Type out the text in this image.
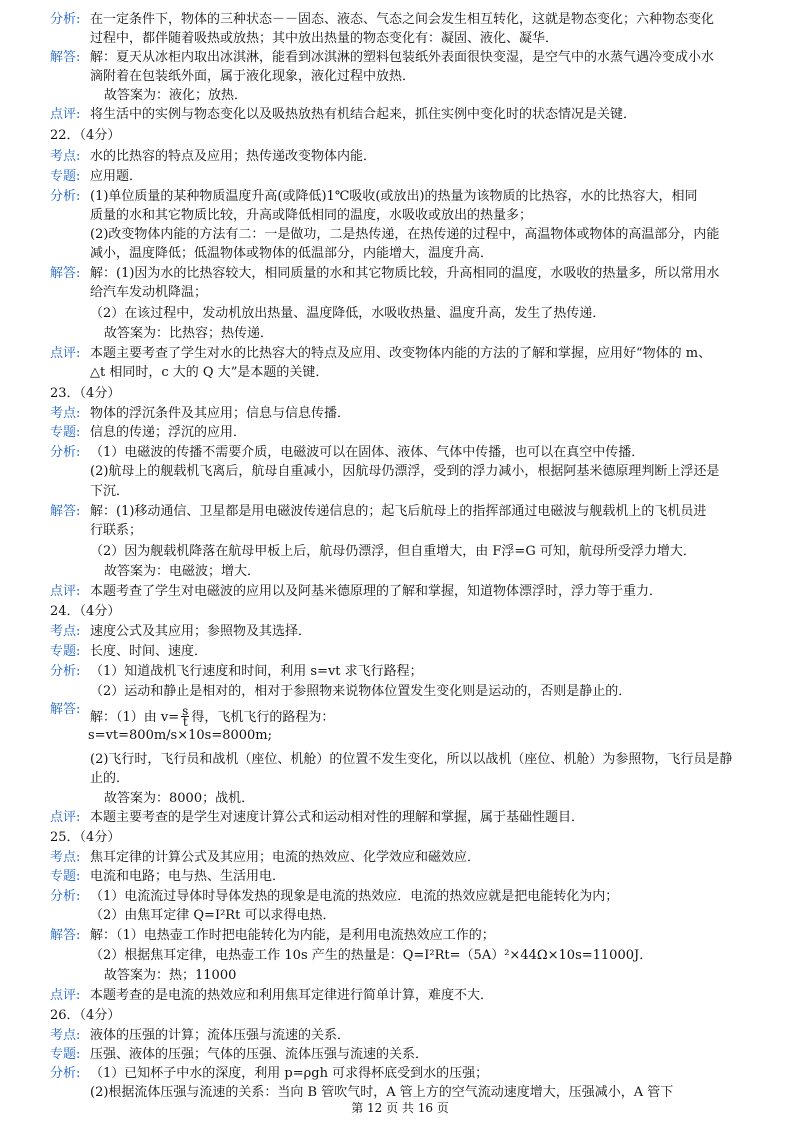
分析: 在一定条件下，物体的三种状态－－固态、液态、气态之间会发生相互转化，这就是物态变化；六种物态变化
过程中，都伴随着吸热或放热；其中放出热量的物态变化有：凝固、液化、凝华．
解答: 解：夏天从冰柜内取出冰淇淋，能看到冰淇淋的塑料包装纸外表面很快变湿，是空气中的水蒸气遇冷变成小水
滴附着在包装纸外面，属于液化现象，液化过程中放热．
故答案为：液化；放热．
点评: 将生活中的实例与物态变化以及吸热放热有机结合起来，抓住实例中变化时的状态情况是关键．
22．（4分）
考点: 水的比热容的特点及应用；热传递改变物体内能．
专题: 应用题．
分析: (1)单位质量的某种物质温度升高(或降低)1℃吸收(或放出)的热量为该物质的比热容，水的比热容大，相同
质量的水和其它物质比较，升高或降低相同的温度，水吸收或放出的热量多；
(2)改变物体内能的方法有二：一是做功，二是热传递，在热传递的过程中，高温物体或物体的高温部分，内能
减小，温度降低；低温物体或物体的低温部分，内能增大，温度升高．
解答: 解：(1)因为水的比热容较大，相同质量的水和其它物质比较，升高相同的温度，水吸收的热量多，所以常用水
给汽车发动机降温；
（2）在该过程中，发动机放出热量、温度降低，水吸收热量、温度升高，发生了热传递．
故答案为：比热容；热传递．
点评: 本题主要考查了学生对水的比热容大的特点及应用、改变物体内能的方法的了解和掌握，应用好“物体的 m、
△t 相同时，c 大的 Q 大”是本题的关键．
23．（4分）
考点: 物体的浮沉条件及其应用；信息与信息传播．
专题: 信息的传递；浮沉的应用．
分析: （1）电磁波的传播不需要介质，电磁波可以在固体、液体、气体中传播，也可以在真空中传播．
(2)航母上的舰载机飞离后，航母自重减小，因航母仍漂浮，受到的浮力减小，根据阿基米德原理判断上浮还是
下沉．
解答: 解：(1)移动通信、卫星都是用电磁波传递信息的；起飞后航母上的指挥部通过电磁波与舰载机上的飞机员进
行联系；
（2）因为舰载机降落在航母甲板上后，航母仍漂浮，但自重增大，由 F浮=G 可知，航母所受浮力增大．
故答案为：电磁波；增大．
点评: 本题考查了学生对电磁波的应用以及阿基米德原理的了解和掌握，知道物体漂浮时，浮力等于重力．
24．（4分）
考点: 速度公式及其应用；参照物及其选择．
专题: 长度、时间、速度．
分析: （1）知道战机飞行速度和时间，利用 s=vt 求飞行路程；
（2）运动和静止是相对的，相对于参照物来说物体位置发生变化则是运动的，否则是静止的．
解答:
解：（1）由 $v= \frac{s}{t}$ 得，飞机飞行的路程为：
s=vt=800m/s×10s=8000m;
(2)飞行时，飞行员和战机（座位、机舱）的位置不发生变化，所以以战机（座位、机舱）为参照物，飞行员是静
止的．
故答案为：8000；战机．
点评: 本题主要考查的是学生对速度计算公式和运动相对性的理解和掌握，属于基础性题目．
25．（4分）
考点: 焦耳定律的计算公式及其应用；电流的热效应、化学效应和磁效应．
专题: 电流和电路；电与热、生活用电．
分析: （1）电流流过导体时导体发热的现象是电流的热效应．电流的热效应就是把电能转化为内；
（2）由焦耳定律 Q=I²Rt 可以求得电热．
解答: 解：（1）电热壶工作时把电能转化为内能，是利用电流热效应工作的；
（2）根据焦耳定律，电热壶工作 10s 产生的热量是：Q=I²Rt=（5A）²×44Ω×10s=11000J．
故答案为：热；11000
点评: 本题考查的是电流的热效应和利用焦耳定律进行简单计算，难度不大．
26．（4分）
考点: 液体的压强的计算；流体压强与流速的关系．
专题: 压强、液体的压强；气体的压强、流体压强与流速的关系．
分析: （1）已知杯子中水的深度，利用 p=ρgh 可求得杯底受到水的压强；
(2)根据流体压强与流速的关系：当向 B 管吹气时，A 管上方的空气流动速度增大，压强减小，A 管下
第 12 页 共 16 页
